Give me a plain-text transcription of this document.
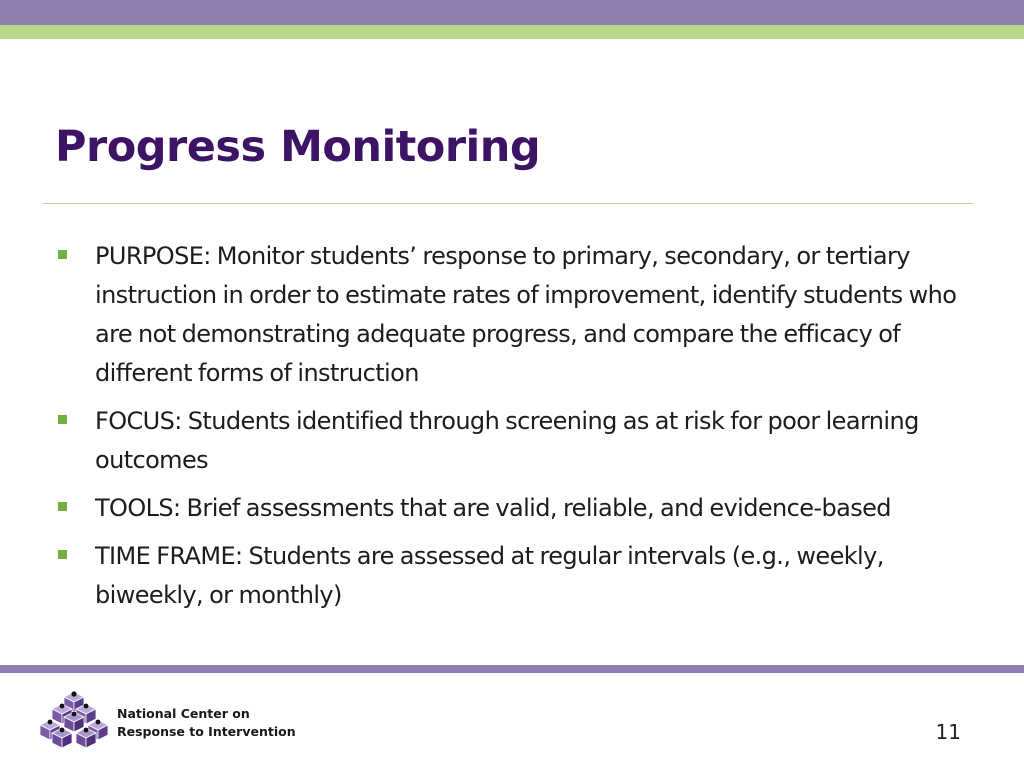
Progress Monitoring
PURPOSE: Monitor students’ response to primary, secondary, or tertiary instruction in order to estimate rates of improvement, identify students who are not demonstrating adequate progress, and compare the efficacy of different forms of instruction
FOCUS: Students identified through screening as at risk for poor learning outcomes
TOOLS: Brief assessments that are valid, reliable, and evidence-based
TIME FRAME: Students are assessed at regular intervals (e.g., weekly, biweekly, or monthly)
National Center on
Response to Intervention	11
